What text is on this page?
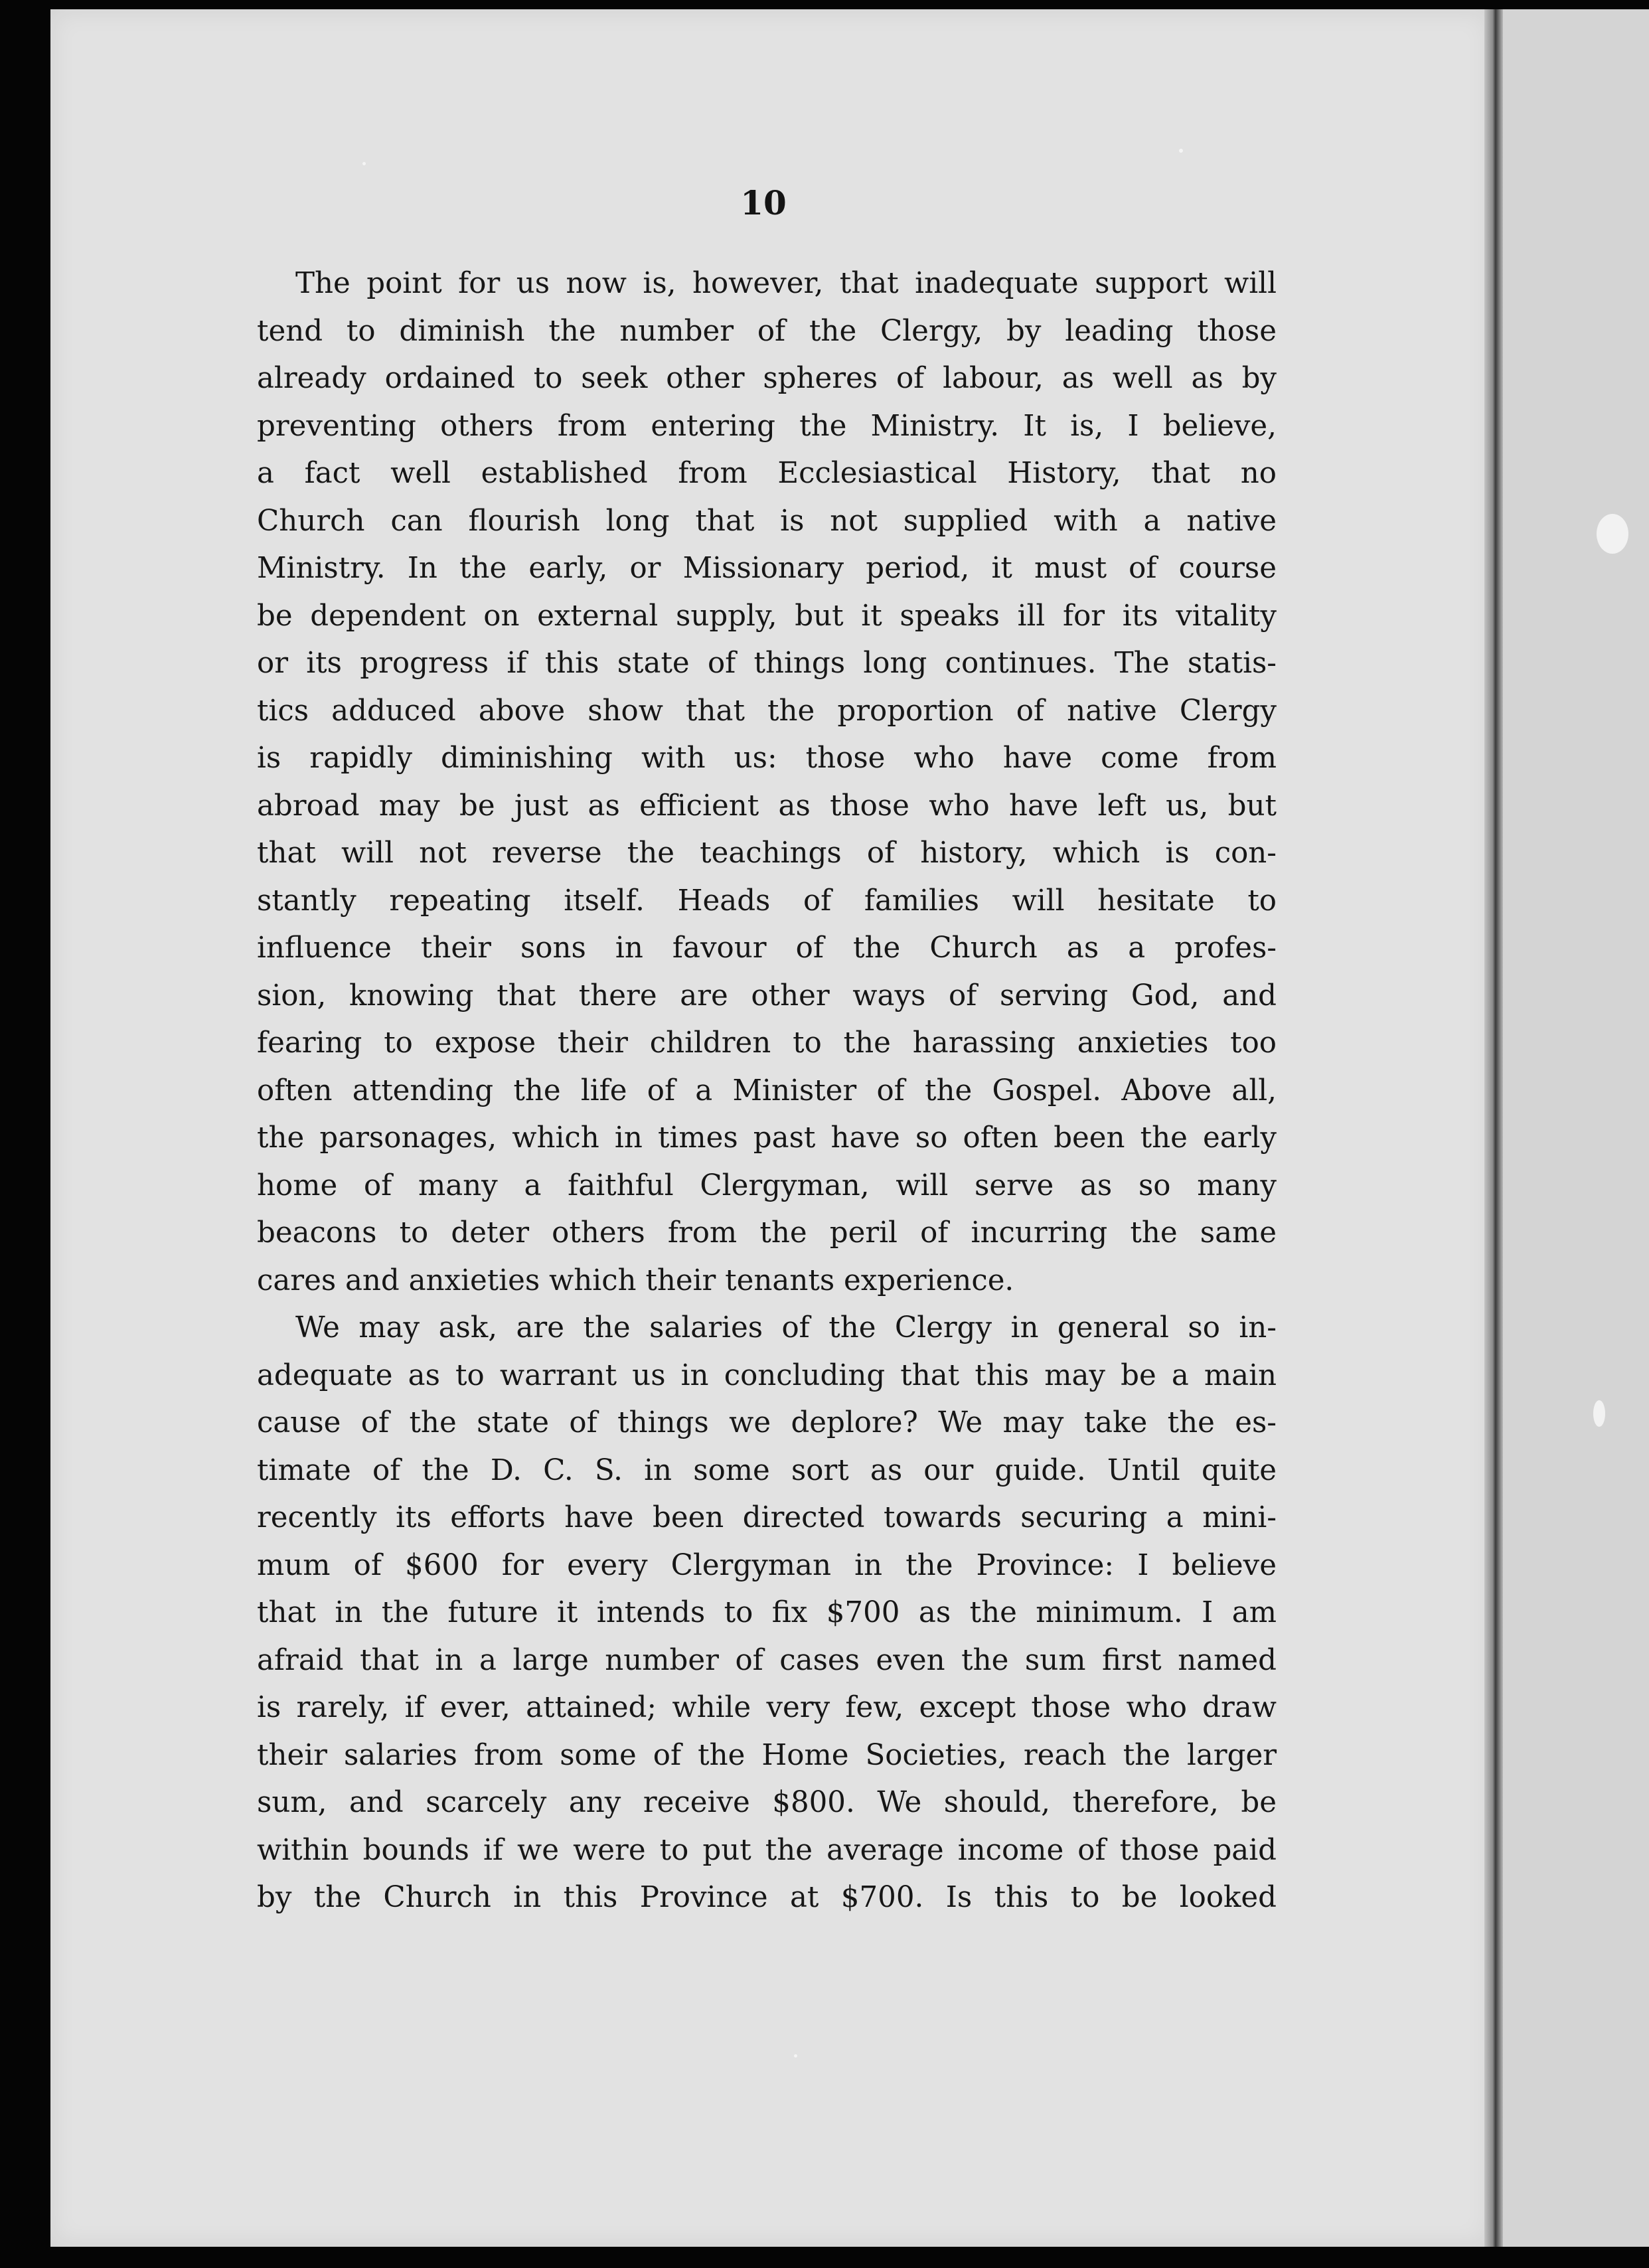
10
The point for us now is, however, that inadequate support will
tend to diminish the number of the Clergy, by leading those
already ordained to seek other spheres of labour, as well as by
preventing others from entering the Ministry. It is, I believe,
a fact well established from Ecclesiastical History, that no
Church can flourish long that is not supplied with a native
Ministry. In the early, or Missionary period, it must of course
be dependent on external supply, but it speaks ill for its vitality
or its progress if this state of things long continues. The statis-
tics adduced above show that the proportion of native Clergy
is rapidly diminishing with us: those who have come from
abroad may be just as efficient as those who have left us, but
that will not reverse the teachings of history, which is con-
stantly repeating itself. Heads of families will hesitate to
influence their sons in favour of the Church as a profes-
sion, knowing that there are other ways of serving God, and
fearing to expose their children to the harassing anxieties too
often attending the life of a Minister of the Gospel. Above all,
the parsonages, which in times past have so often been the early
home of many a faithful Clergyman, will serve as so many
beacons to deter others from the peril of incurring the same
cares and anxieties which their tenants experience.
We may ask, are the salaries of the Clergy in general so in-
adequate as to warrant us in concluding that this may be a main
cause of the state of things we deplore? We may take the es-
timate of the D. C. S. in some sort as our guide. Until quite
recently its efforts have been directed towards securing a mini-
mum of $600 for every Clergyman in the Province: I believe
that in the future it intends to fix $700 as the minimum. I am
afraid that in a large number of cases even the sum first named
is rarely, if ever, attained; while very few, except those who draw
their salaries from some of the Home Societies, reach the larger
sum, and scarcely any receive $800. We should, therefore, be
within bounds if we were to put the average income of those paid
by the Church in this Province at $700. Is this to be looked
